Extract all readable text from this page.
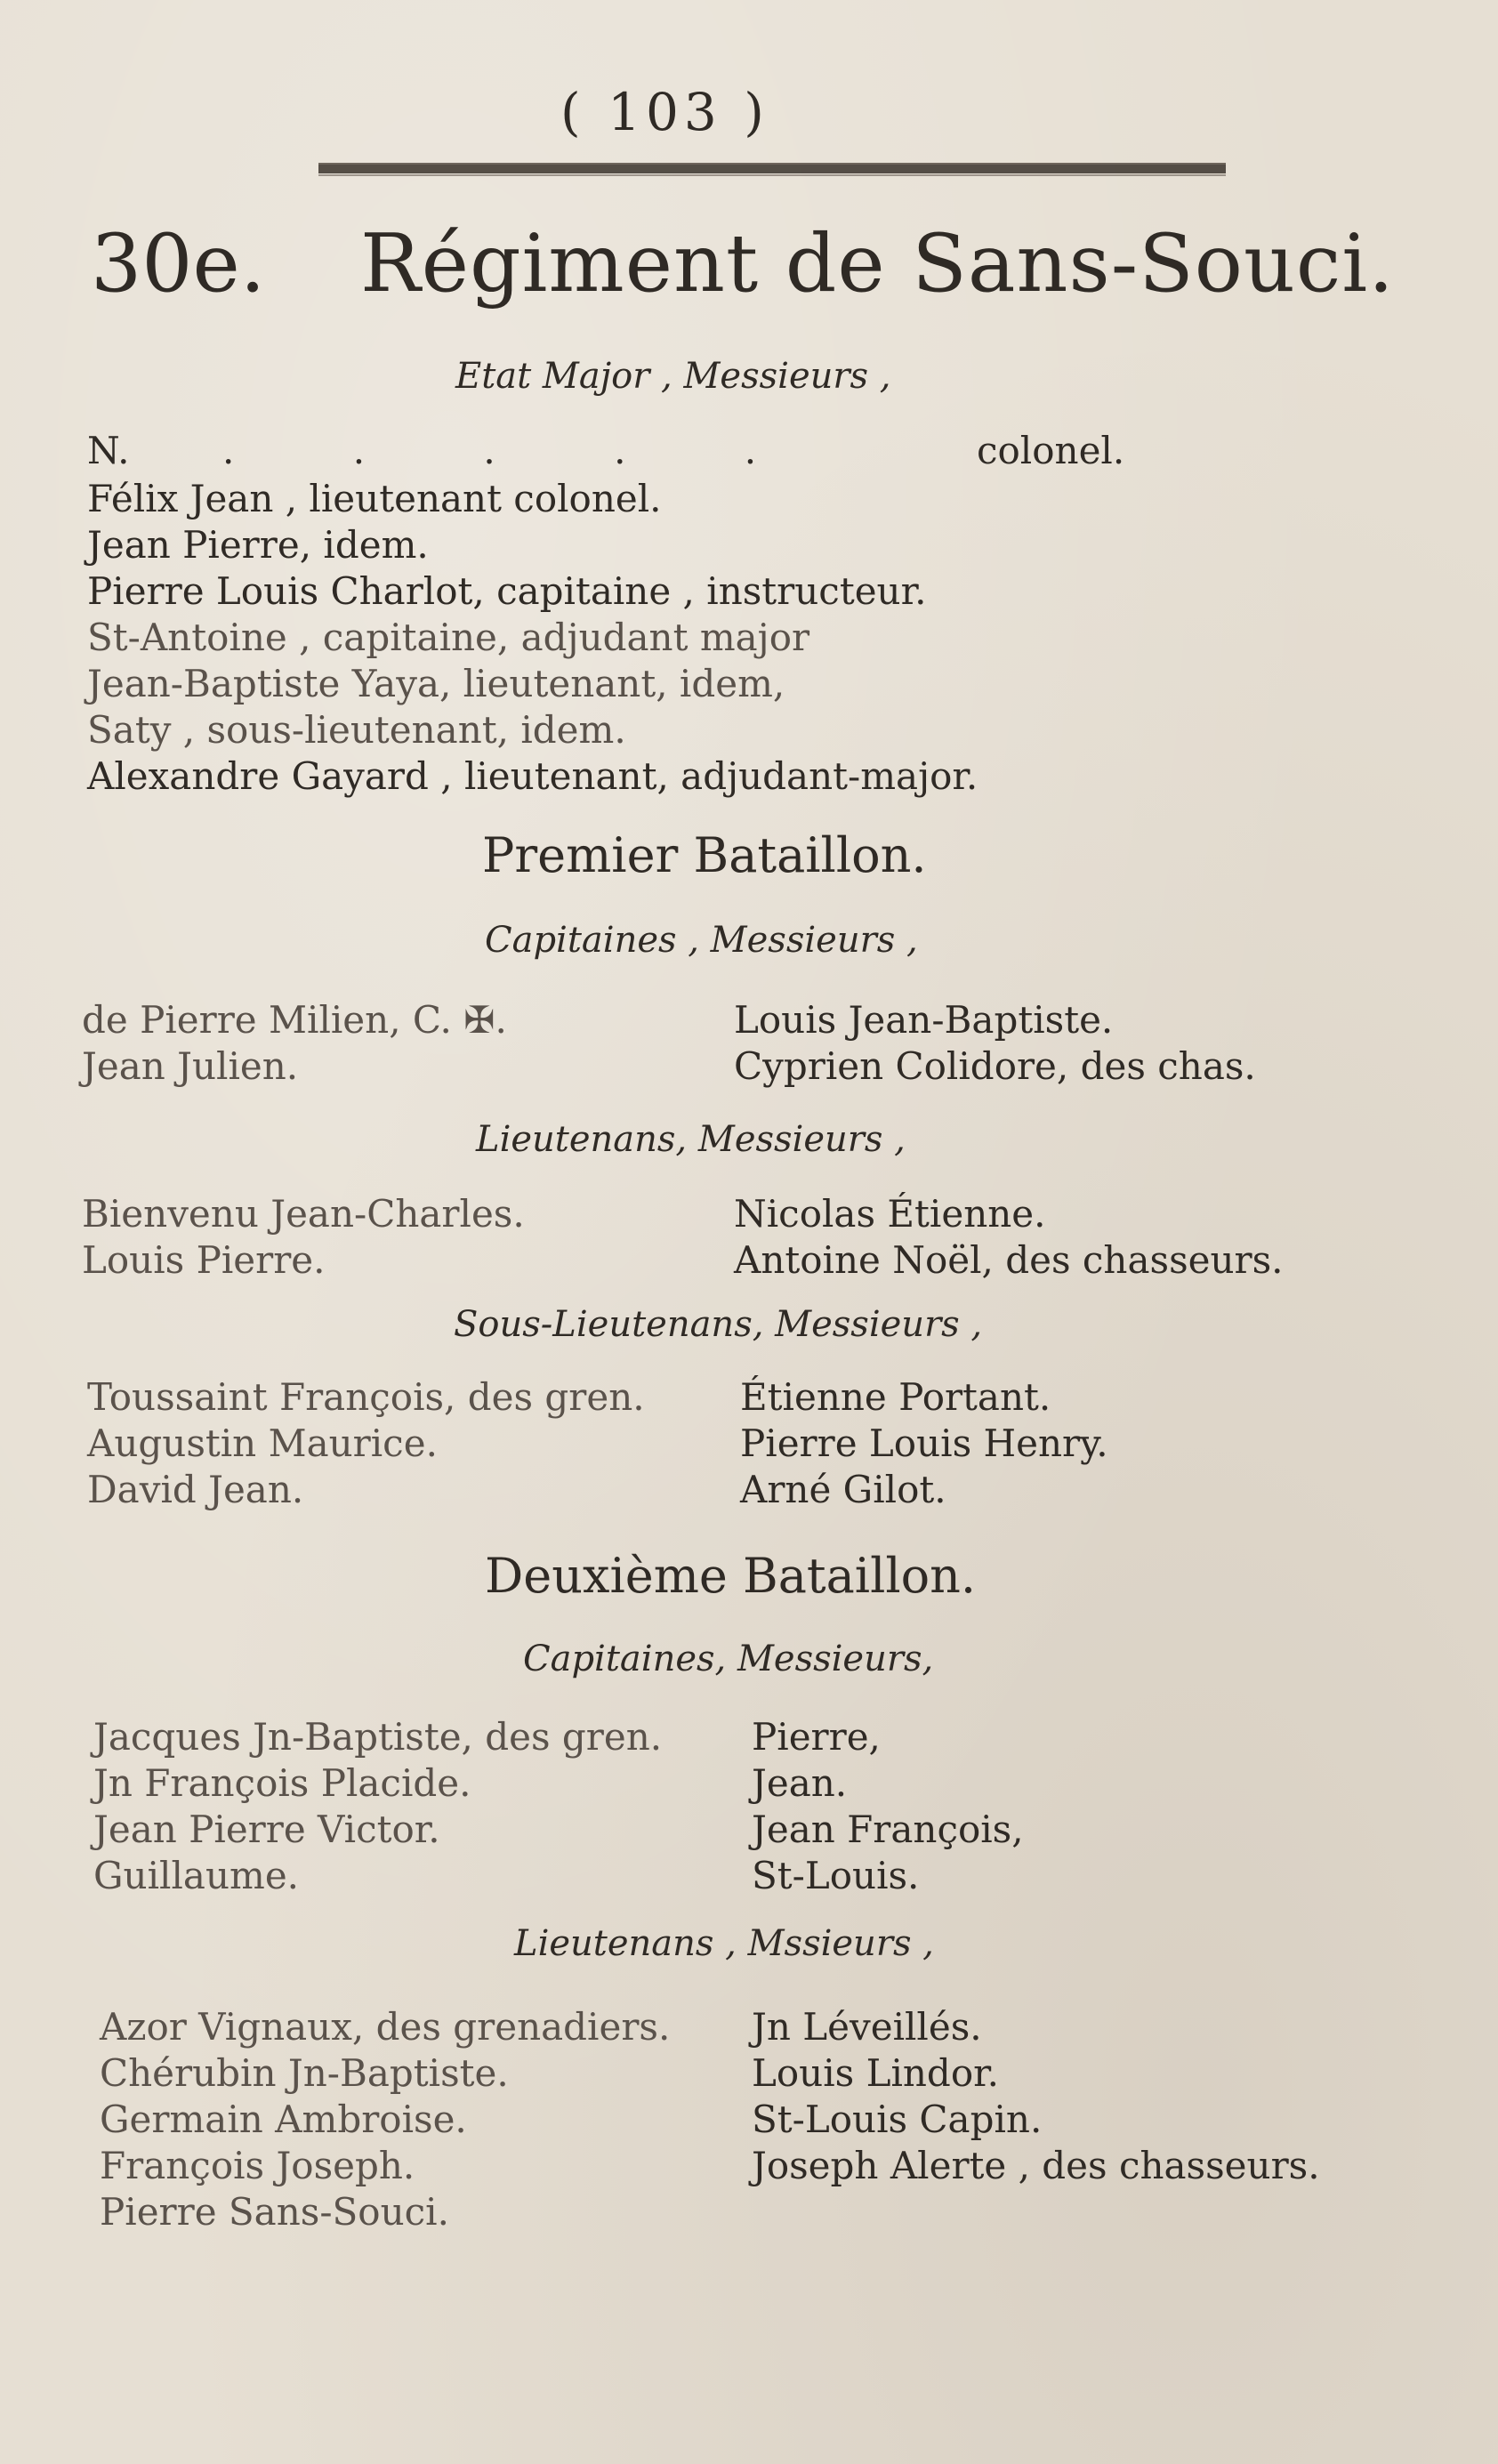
( 103 )
30e. Régiment de Sans-Souci.
Etat Major , Messieurs ,
N. . . . . .	colonel.
Félix Jean , lieutenant colonel.
Jean Pierre, idem.
Pierre Louis Charlot, capitaine , instructeur.
St-Antoine , capitaine, adjudant major
Jean-Baptiste Yaya, lieutenant, idem,
Saty , sous-lieutenant, idem.
Alexandre Gayard , lieutenant, adjudant-major.
Premier Bataillon.
Capitaines , Messieurs ,
de Pierre Milien, C. ✠.
Jean Julien.
Louis Jean-Baptiste.
Cyprien Colidore, des chas.
Lieutenans, Messieurs ,
Bienvenu Jean-Charles.
Louis Pierre.
Nicolas Étienne.
Antoine Noël, des chasseurs.
Sous-Lieutenans, Messieurs ,
Toussaint François, des gren.
Augustin Maurice.
David Jean.
Étienne Portant.
Pierre Louis Henry.
Arné Gilot.
Deuxième Bataillon.
Capitaines, Messieurs,
Jacques Jn-Baptiste, des gren.
Jn François Placide.
Jean Pierre Victor.
Guillaume.
Pierre,
Jean.
Jean François,
St-Louis.
Lieutenans , Mssieurs ,
Azor Vignaux, des grenadiers.
Chérubin Jn-Baptiste.
Germain Ambroise.
François Joseph.
Pierre Sans-Souci.
Jn Léveillés.
Louis Lindor.
St-Louis Capin.
Joseph Alerte , des chasseurs.
